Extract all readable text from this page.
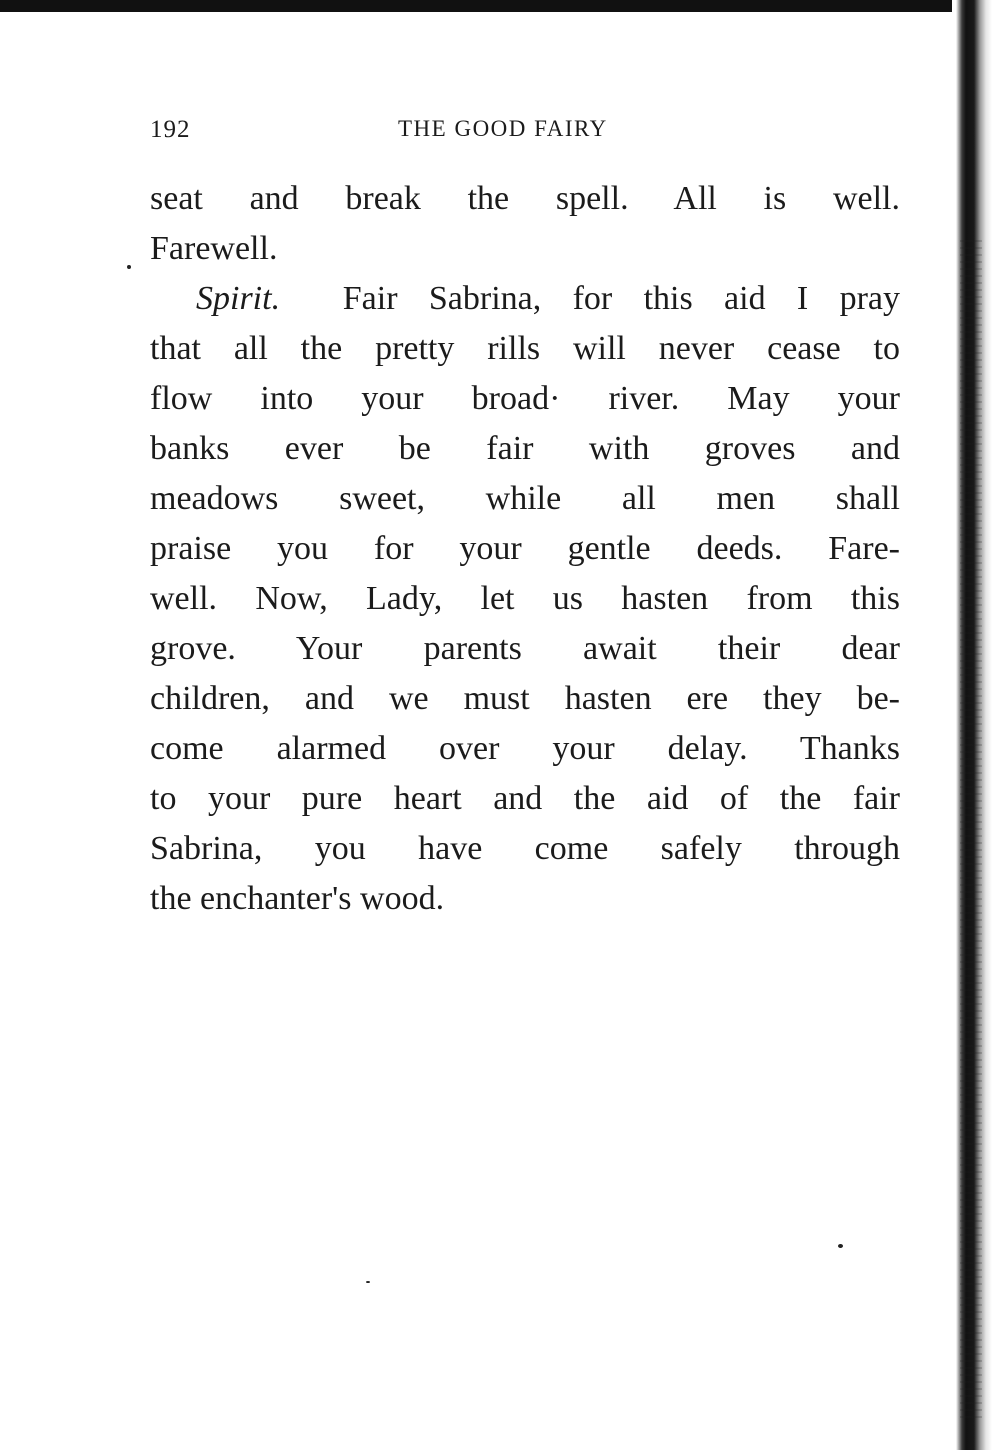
192	THE GOOD FAIRY
seat and break the spell. All is well.
Farewell.
Spirit. Fair Sabrina, for this aid I pray
that all the pretty rills will never cease to
flow into your broad· river. May your
banks ever be fair with groves and
meadows sweet, while all men shall
praise you for your gentle deeds. Fare-
well. Now, Lady, let us hasten from this
grove. Your parents await their dear
children, and we must hasten ere they be-
come alarmed over your delay. Thanks
to your pure heart and the aid of the fair
Sabrina, you have come safely through
the enchanter's wood.
